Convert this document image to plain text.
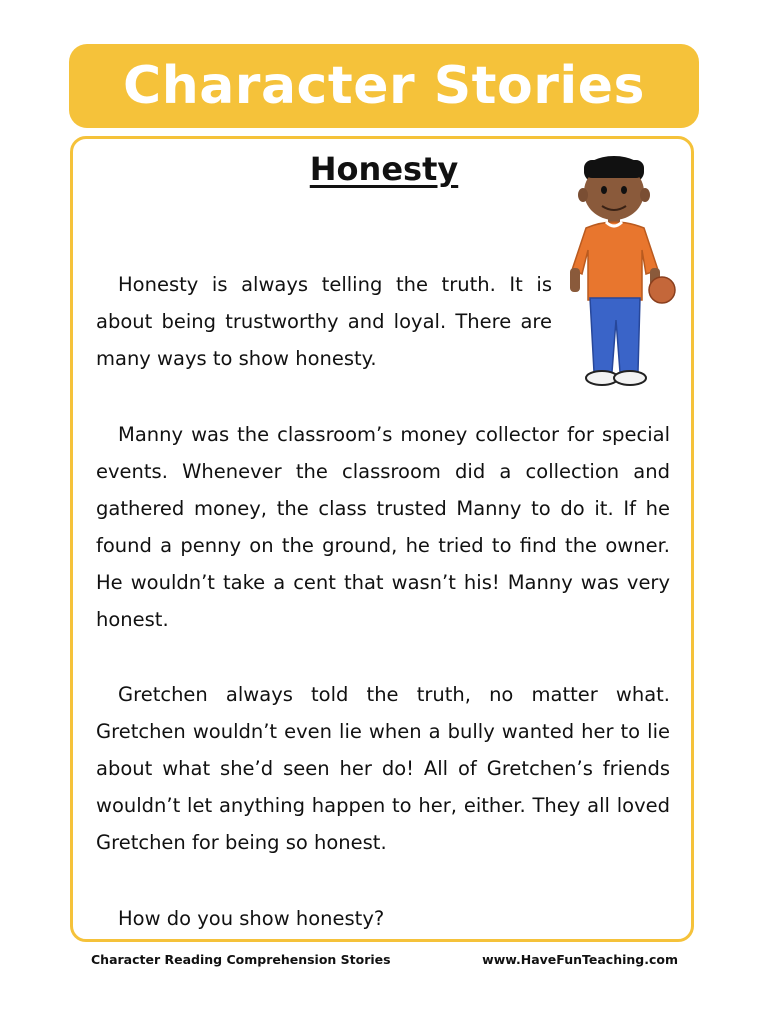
Character Stories
Honesty

Honesty is always telling the truth. It is about being trustworthy and loyal. There are many ways to show honesty.

Manny was the classroom’s money collector for special events. Whenever the classroom did a collection and gathered money, the class trusted Manny to do it. If he found a penny on the ground, he tried to find the owner. He wouldn’t take a cent that wasn’t his! Manny was very honest.

Gretchen always told the truth, no matter what. Gretchen wouldn’t even lie when a bully wanted her to lie about what she’d seen her do! All of Gretchen’s friends wouldn’t let anything happen to her, either. They all loved Gretchen for being so honest.

How do you show honesty?

Character Reading Comprehension Stories	www.HaveFunTeaching.com
